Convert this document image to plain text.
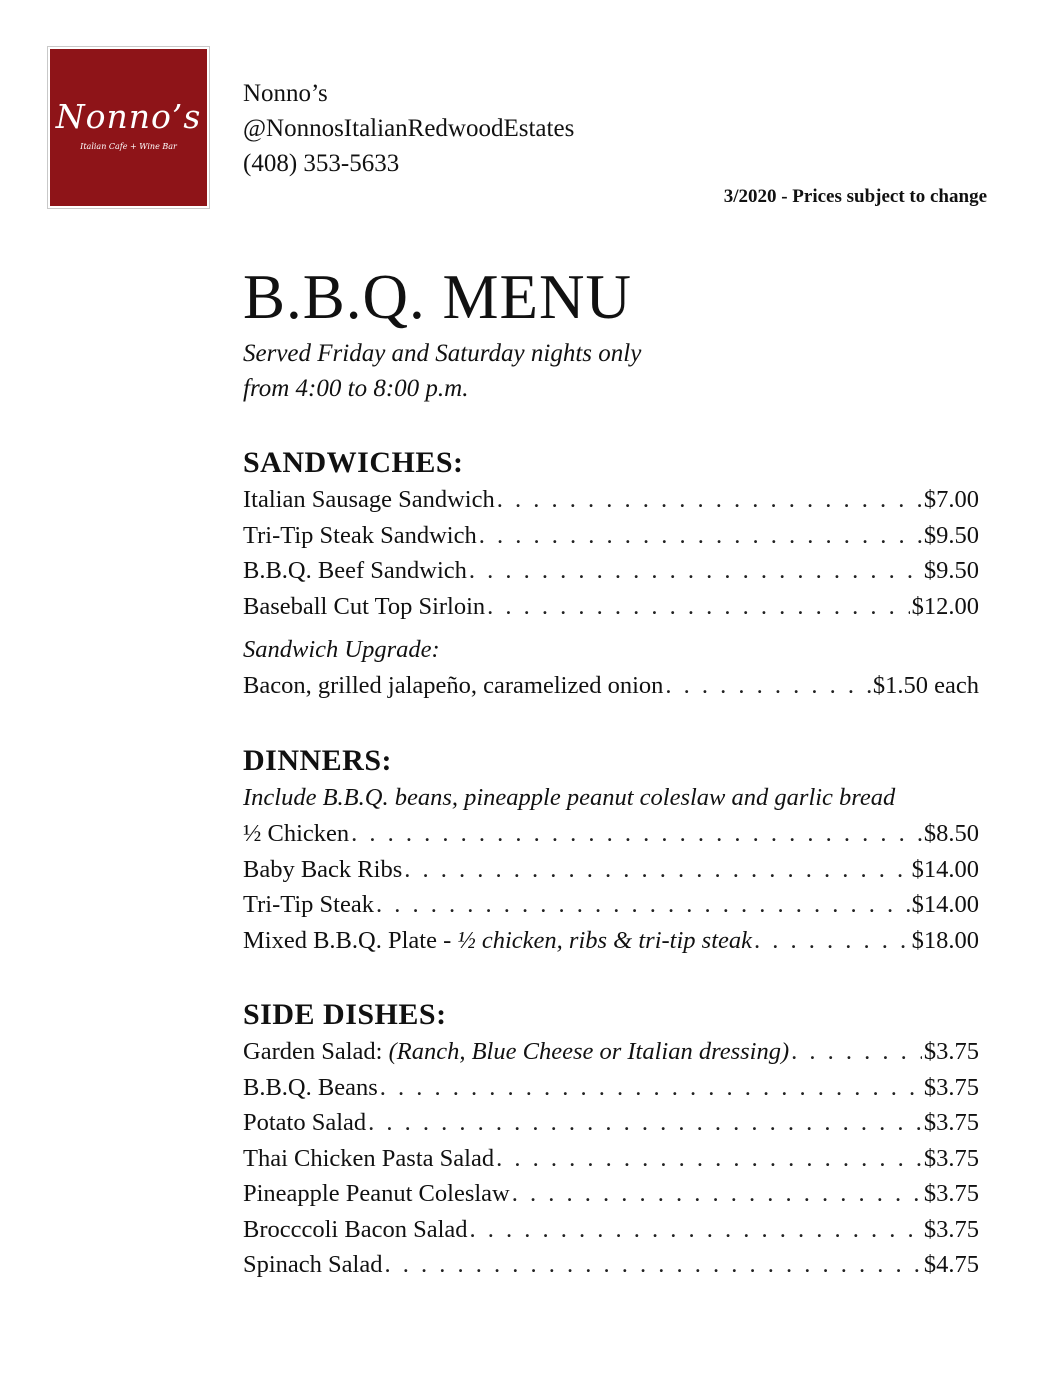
Nonno’s
Italian Cafe + Wine Bar
Nonno’s
@NonnosItalianRedwoodEstates
(408) 353-5633
3/2020 - Prices subject to change
B.B.Q. MENU
Served Friday and Saturday nights only
from 4:00 to 8:00 p.m.
SANDWICHES:
Italian Sausage Sandwich . . .	$7.00
Tri-Tip Steak Sandwich . . .	$9.50
B.B.Q. Beef Sandwich . . .	$9.50
Baseball Cut Top Sirloin . . .	$12.00
Sandwich Upgrade:
Bacon, grilled jalapeño, caramelized onion . . .	$1.50 each
DINNERS:
Include B.B.Q. beans, pineapple peanut coleslaw and garlic bread
½ Chicken . . .	$8.50
Baby Back Ribs . . .	$14.00
Tri-Tip Steak . . .	$14.00
Mixed B.B.Q. Plate - ½ chicken, ribs & tri-tip steak . . .	$18.00
SIDE DISHES:
Garden Salad: (Ranch, Blue Cheese or Italian dressing) . . .	$3.75
B.B.Q. Beans . . .	$3.75
Potato Salad . . .	$3.75
Thai Chicken Pasta Salad . . .	$3.75
Pineapple Peanut Coleslaw . . .	$3.75
Brocccoli Bacon Salad . . .	$3.75
Spinach Salad . . .	$4.75
